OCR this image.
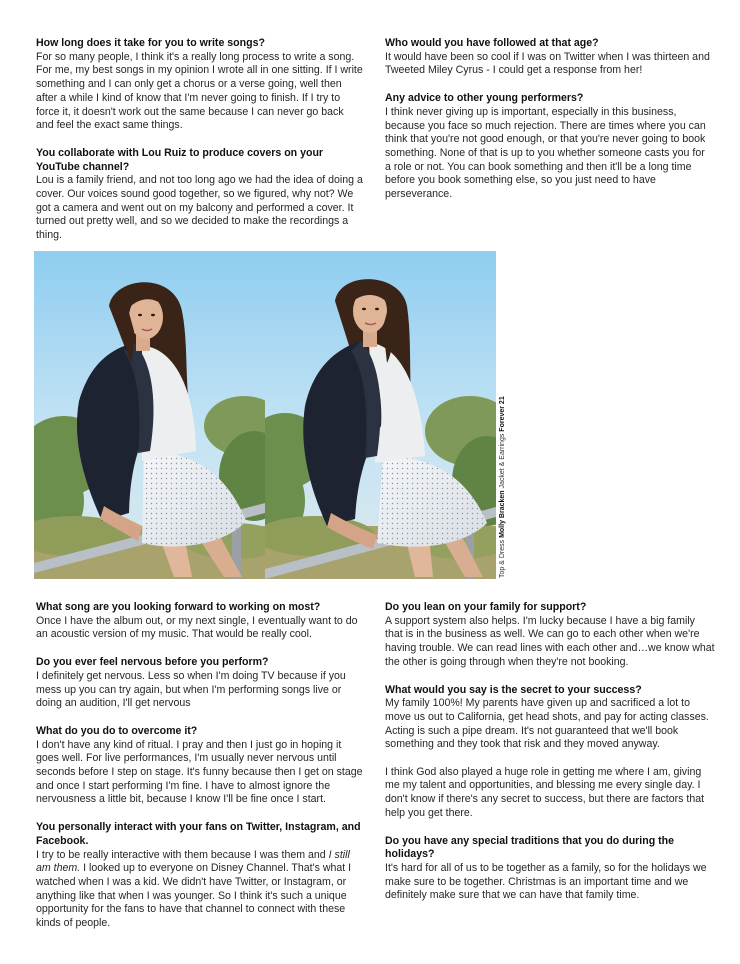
How long does it take for you to write songs?
For so many people, I think it's a really long process to write a song. For me, my best songs in my opinion I wrote all in one sitting. If I write something and I can only get a chorus or a verse going, well then after a while I kind of know that I'm never going to finish. If I try to force it, it doesn't work out the same because I can never go back and feel the exact same things.
You collaborate with Lou Ruiz to produce covers on your YouTube channel?
Lou is a family friend, and not too long ago we had the idea of doing a cover. Our voices sound good together, so we figured, why not? We got a camera and went out on my balcony and performed a cover. It turned out pretty well, and so we decided to make the recordings a thing.
Who would you have followed at that age?
It would have been so cool if I was on Twitter when I was thirteen and Tweeted Miley Cyrus - I could get a response from her!
Any advice to other young performers?
I think never giving up is important, especially in this business, because you face so much rejection. There are times where you can think that you're not good enough, or that you're never going to book something. None of that is up to you whether someone casts you for a role or not. You can book something and then it'll be a long time before you book something else, so you just need to have perseverance.
Top & Dress Molly Bracken Jacket & Earrings Forever 21
What song are you looking forward to working on most?
Once I have the album out, or my next single, I eventually want to do an acoustic version of my music. That would be really cool.
Do you ever feel nervous before you perform?
I definitely get nervous. Less so when I'm doing TV because if you mess up you can try again, but when I'm performing songs live or doing an audition, I'll get nervous
What do you do to overcome it?
I don't have any kind of ritual. I pray and then I just go in hoping it goes well. For live performances, I'm usually never nervous until seconds before I step on stage. It's funny because then I get on stage and once I start performing I'm fine. I have to almost ignore the nervousness a little bit, because I know I'll be fine once I start.
You personally interact with your fans on Twitter, Instagram, and Facebook.
I try to be really interactive with them because I was them and I still am them. I looked up to everyone on Disney Channel. That's what I watched when I was a kid. We didn't have Twitter, or Instagram, or anything like that when I was younger. So I think it's such a unique opportunity for the fans to have that channel to connect with these kinds of people.
Do you lean on your family for support?
A support system also helps. I'm lucky because I have a big family that is in the business as well. We can go to each other when we're having trouble. We can read lines with each other and…we know what the other is going through when they're not booking.
What would you say is the secret to your success?

My family 100%! My parents have given up and sacrificed a lot to move us out to California, get head shots, and pay for acting classes. Acting is such a pipe dream. It's not guaranteed that we'll book something and they took that risk and they moved anyway.

I think God also played a huge role in getting me where I am, giving me my talent and opportunities, and blessing me every single day. I don't know if there's any secret to success, but there are factors that help you get there.

Do you have any special traditions that you do during the holidays?
It's hard for all of us to be together as a family, so for the holidays we make sure to be together. Christmas is an important time and we definitely make sure that we can have that family time.
